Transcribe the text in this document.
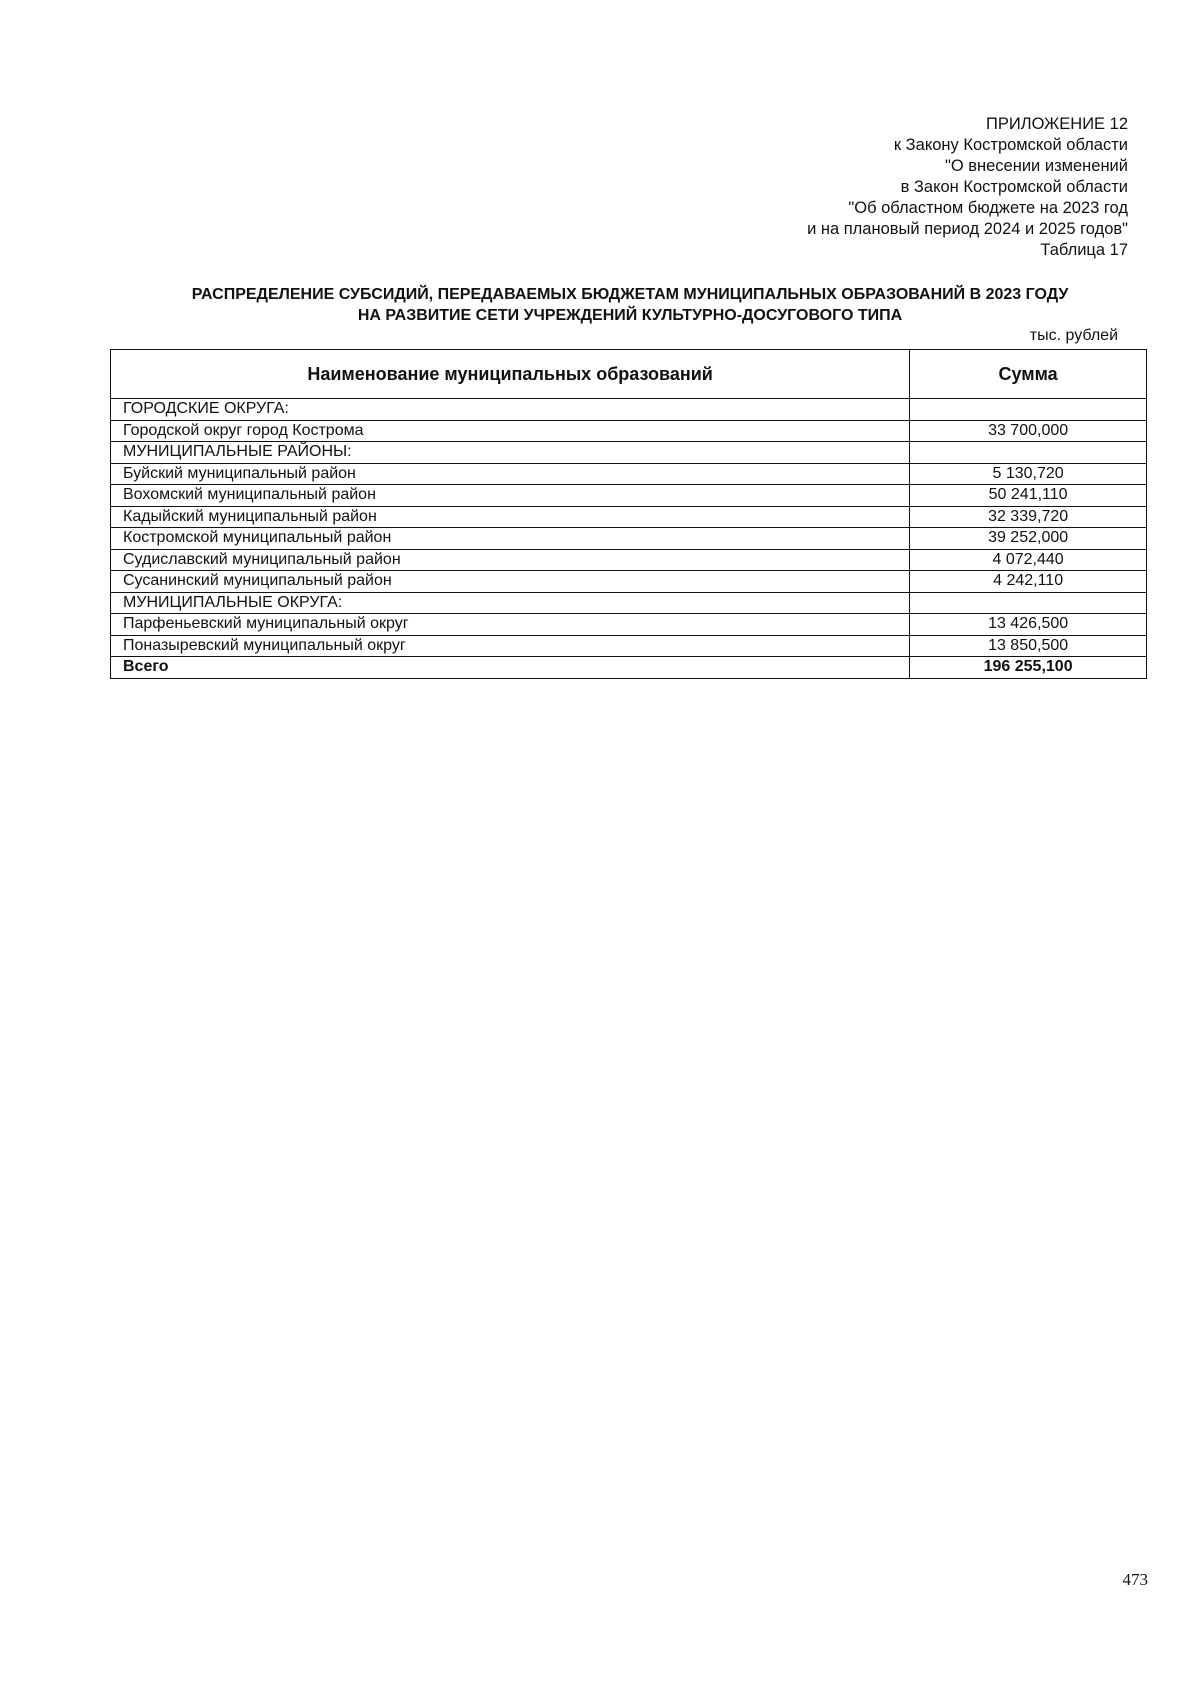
ПРИЛОЖЕНИЕ 12
к Закону Костромской области
"О внесении изменений
в Закон Костромской области
"Об областном бюджете на 2023 год
и на плановый период 2024 и 2025 годов"
Таблица 17
РАСПРЕДЕЛЕНИЕ СУБСИДИЙ, ПЕРЕДАВАЕМЫХ БЮДЖЕТАМ МУНИЦИПАЛЬНЫХ ОБРАЗОВАНИЙ В 2023 ГОДУ
НА РАЗВИТИЕ СЕТИ УЧРЕЖДЕНИЙ КУЛЬТУРНО-ДОСУГОВОГО ТИПА
тыс. рублей
Наименование муниципальных образований	Сумма
ГОРОДСКИЕ ОКРУГА:	
Городской округ город Кострома	33 700,000
МУНИЦИПАЛЬНЫЕ РАЙОНЫ:	
Буйский муниципальный район	5 130,720
Вохомский муниципальный район	50 241,110
Кадыйский муниципальный район	32 339,720
Костромской муниципальный район	39 252,000
Судиславский муниципальный район	4 072,440
Сусанинский муниципальный район	4 242,110
МУНИЦИПАЛЬНЫЕ ОКРУГА:	
Парфеньевский муниципальный округ	13 426,500
Поназыревский муниципальный округ	13 850,500
Всего	196 255,100
473
